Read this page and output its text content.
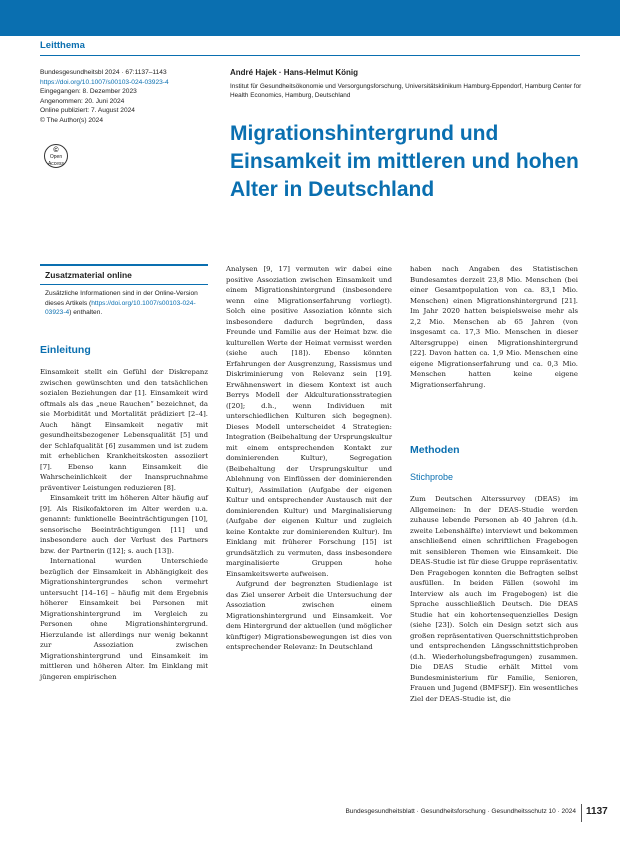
Leitthema
Bundesgesundheitsbl 2024 · 67:1137–1143
https://doi.org/10.1007/s00103-024-03923-4
Eingegangen: 8. Dezember 2023
Angenommen: 20. Juni 2024
Online publiziert: 7. August 2024
© The Author(s) 2024
©
Open Access
André Hajek · Hans-Helmut König
Institut für Gesundheitsökonomie und Versorgungsforschung, Universitätsklinikum Hamburg-Eppendorf, Hamburg Center for Health Economics, Hamburg, Deutschland
Migrationshintergrund und Einsamkeit im mittleren und hohen Alter in Deutschland
Zusatzmaterial online
Zusätzliche Informationen sind in der Online-Version dieses Artikels (https://doi.org/10.1007/s00103-024-03923-4) enthalten.
Einleitung

Einsamkeit stellt ein Gefühl der Diskrepanz zwischen gewünschten und den tatsächlichen sozialen Beziehungen dar [1]. Einsamkeit wird oftmals als das „neue Rauchen“ bezeichnet, da sie Morbidität und Mortalität prädiziert [2–4]. Auch hängt Einsamkeit negativ mit gesundheitsbezogener Lebensqualität [5] und der Schlafqualität [6] zusammen und ist zudem mit erheblichen Krankheitskosten assoziiert [7]. Ebenso kann Einsamkeit die Wahrscheinlichkeit der Inanspruchnahme präventiver Leistungen reduzieren [8].

Einsamkeit tritt im höheren Alter häufig auf [9]. Als Risikofaktoren im Alter werden u.a. genannt: funktionelle Beeinträchtigungen [10], sensorische Beeinträchtigungen [11] und insbesondere auch der Verlust des Partners bzw. der Partnerin ([12]; s. auch [13]).

International wurden Unterschiede bezüglich der Einsamkeit in Abhängigkeit des Migrationshintergrundes schon vermehrt untersucht [14–16] – häufig mit dem Ergebnis höherer Einsamkeit bei Personen mit Migrationshintergrund im Vergleich zu Personen ohne Migrationshintergrund. Hierzulande ist allerdings nur wenig bekannt zur Assoziation zwischen Migrationshintergrund und Einsamkeit im mittleren und höheren Alter. Im Einklang mit jüngeren empirischen

Analysen [9, 17] vermuten wir dabei eine positive Assoziation zwischen Einsamkeit und einem Migrationshintergrund (insbesondere wenn eine Migrationserfahrung vorliegt). Solch eine positive Assoziation könnte sich insbesondere dadurch begründen, dass Freunde und Familie aus der Heimat bzw. die kulturellen Werte der Heimat vermisst werden (siehe auch [18]). Ebenso könnten Erfahrungen der Ausgrenzung, Rassismus und Diskriminierung von Relevanz sein [19]. Erwähnenswert in diesem Kontext ist auch Berrys Modell der Akkulturationsstrategien ([20]; d.h., wenn Individuen mit unterschiedlichen Kulturen sich begegnen). Dieses Modell unterscheidet 4 Strategien: Integration (Beibehaltung der Ursprungskultur mit einem entsprechenden Kontakt zur dominierenden Kultur), Segregation (Beibehaltung der Ursprungskultur und Ablehnung von Einflüssen der dominierenden Kultur), Assimilation (Aufgabe der eigenen Kultur und entsprechender Austausch mit der dominierenden Kultur) und Marginalisierung (Aufgabe der eigenen Kultur und zugleich keine Kontakte zur dominierenden Kultur). Im Einklang mit früherer Forschung [15] ist grundsätzlich zu vermuten, dass insbesondere marginalisierte Gruppen hohe Einsamkeitswerte aufweisen.

Aufgrund der begrenzten Studienlage ist das Ziel unserer Arbeit die Untersuchung der Assoziation zwischen einem Migrationshintergrund und Einsamkeit. Vor dem Hintergrund der aktuellen (und möglicher künftiger) Migrationsbewegungen ist dies von entsprechender Relevanz: In Deutschland

haben nach Angaben des Statistischen Bundesamtes derzeit 23,8 Mio. Menschen (bei einer Gesamtpopulation von ca. 83,1 Mio. Menschen) einen Migrationshintergrund [21]. Im Jahr 2020 hatten beispielsweise mehr als 2,2 Mio. Menschen ab 65 Jahren (von insgesamt ca. 17,3 Mio. Menschen in dieser Altersgruppe) einen Migrationshintergrund [22]. Davon hatten ca. 1,9 Mio. Menschen eine eigene Migrationserfahrung und ca. 0,3 Mio. Menschen hatten keine eigene Migrationserfahrung.

Methoden
Stichprobe

Zum Deutschen Alterssurvey (DEAS) im Allgemeinen: In der DEAS-Studie werden zuhause lebende Personen ab 40 Jahren (d.h. zweite Lebenshälfte) interviewt und bekommen anschließend einen schriftlichen Fragebogen mit sensibleren Themen wie Einsamkeit. Die DEAS-Studie ist für diese Gruppe repräsentativ. Den Fragebogen konnten die Befragten selbst ausfüllen. In beiden Fällen (sowohl im Interview als auch im Fragebogen) ist die Sprache ausschließlich Deutsch. Die DEAS Studie hat ein kohortensequenzielles Design (siehe [23]). Solch ein Design setzt sich aus großen repräsentativen Querschnittstichproben und entsprechenden Längsschnittstichproben (d.h. Wiederholungsbefragungen) zusammen. Die DEAS Studie erhält Mittel vom Bundesministerium für Familie, Senioren, Frauen und Jugend (BMFSFJ). Ein wesentliches Ziel der DEAS-Studie ist, die

Bundesgesundheitsblatt · Gesundheitsforschung · Gesundheitsschutz 10 · 2024 1137
